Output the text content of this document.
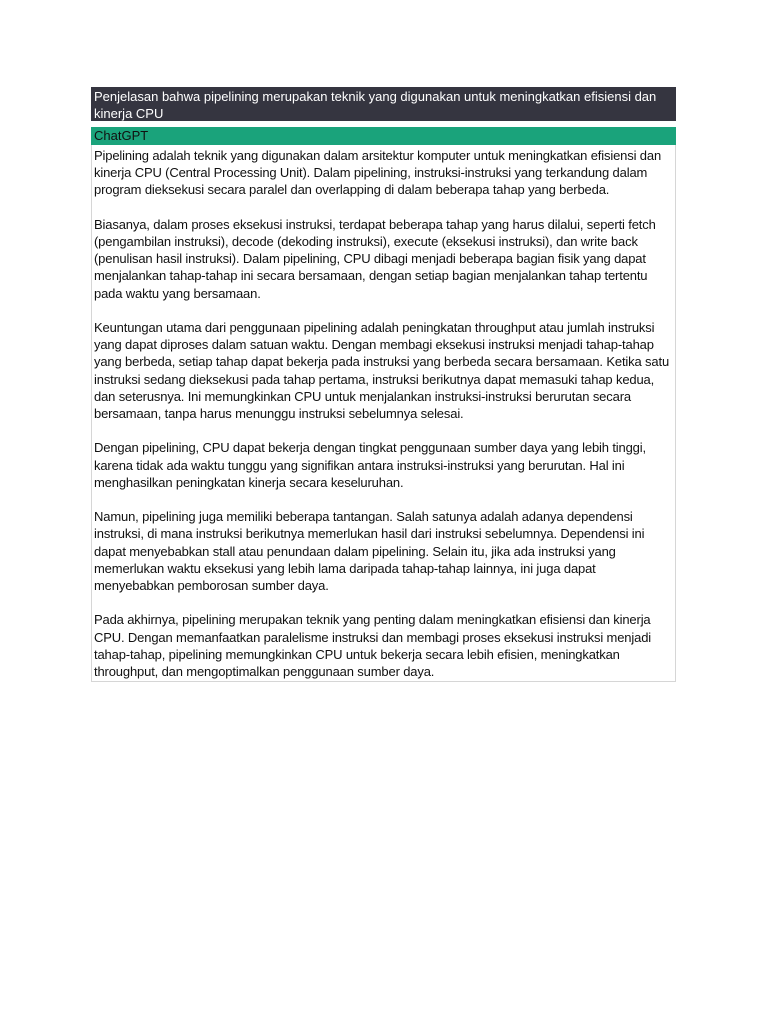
Penjelasan bahwa pipelining merupakan teknik yang digunakan untuk meningkatkan efisiensi dan kinerja CPU
ChatGPT

Pipelining adalah teknik yang digunakan dalam arsitektur komputer untuk meningkatkan efisiensi dan kinerja CPU (Central Processing Unit). Dalam pipelining, instruksi-instruksi yang terkandung dalam program dieksekusi secara paralel dan overlapping di dalam beberapa tahap yang berbeda.

Biasanya, dalam proses eksekusi instruksi, terdapat beberapa tahap yang harus dilalui, seperti fetch (pengambilan instruksi), decode (dekoding instruksi), execute (eksekusi instruksi), dan write back (penulisan hasil instruksi). Dalam pipelining, CPU dibagi menjadi beberapa bagian fisik yang dapat menjalankan tahap-tahap ini secara bersamaan, dengan setiap bagian menjalankan tahap tertentu pada waktu yang bersamaan.

Keuntungan utama dari penggunaan pipelining adalah peningkatan throughput atau jumlah instruksi yang dapat diproses dalam satuan waktu. Dengan membagi eksekusi instruksi menjadi tahap-tahap yang berbeda, setiap tahap dapat bekerja pada instruksi yang berbeda secara bersamaan. Ketika satu instruksi sedang dieksekusi pada tahap pertama, instruksi berikutnya dapat memasuki tahap kedua, dan seterusnya. Ini memungkinkan CPU untuk menjalankan instruksi-instruksi berurutan secara bersamaan, tanpa harus menunggu instruksi sebelumnya selesai.

Dengan pipelining, CPU dapat bekerja dengan tingkat penggunaan sumber daya yang lebih tinggi, karena tidak ada waktu tunggu yang signifikan antara instruksi-instruksi yang berurutan. Hal ini menghasilkan peningkatan kinerja secara keseluruhan.

Namun, pipelining juga memiliki beberapa tantangan. Salah satunya adalah adanya dependensi instruksi, di mana instruksi berikutnya memerlukan hasil dari instruksi sebelumnya. Dependensi ini dapat menyebabkan stall atau penundaan dalam pipelining. Selain itu, jika ada instruksi yang memerlukan waktu eksekusi yang lebih lama daripada tahap-tahap lainnya, ini juga dapat menyebabkan pemborosan sumber daya.

Pada akhirnya, pipelining merupakan teknik yang penting dalam meningkatkan efisiensi dan kinerja CPU. Dengan memanfaatkan paralelisme instruksi dan membagi proses eksekusi instruksi menjadi tahap-tahap, pipelining memungkinkan CPU untuk bekerja secara lebih efisien, meningkatkan throughput, dan mengoptimalkan penggunaan sumber daya.
